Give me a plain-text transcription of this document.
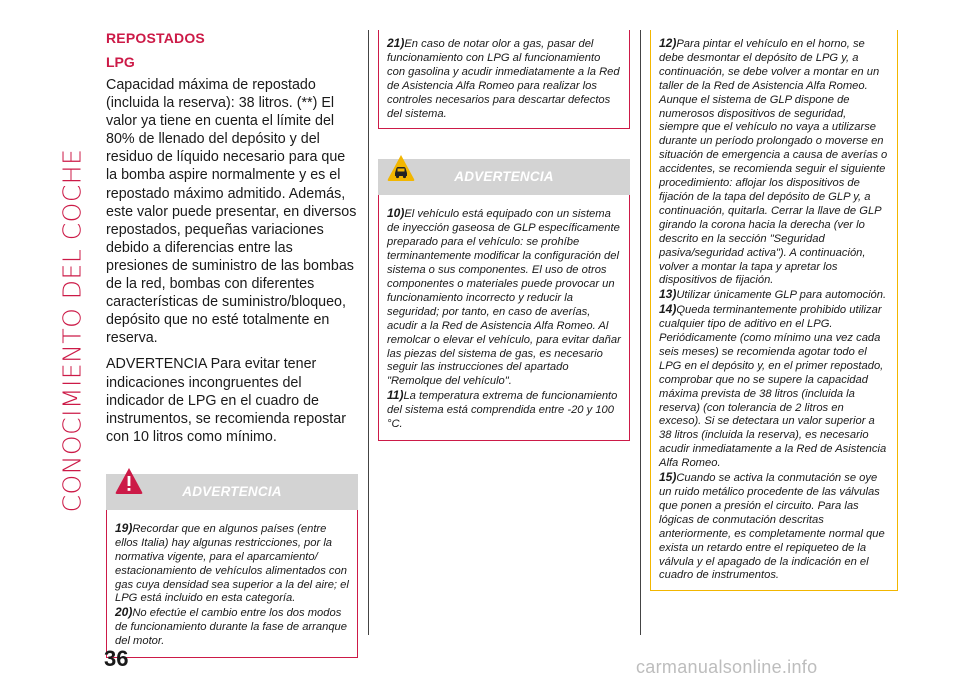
CONOCIMIENTO DEL COCHE
REPOSTADOS
LPG

Capacidad máxima de repostado (incluida la reserva): 38 litros. (**) El valor ya tiene en cuenta el límite del 80% de llenado del depósito y del residuo de líquido necesario para que la bomba aspire normalmente y es el repostado máximo admitido. Además, este valor puede presentar, en diversos repostados, pequeñas variaciones debido a diferencias entre las presiones de suministro de las bombas de la red, bombas con diferentes características de suministro/bloqueo, depósito que no esté totalmente en reserva.

ADVERTENCIA Para evitar tener indicaciones incongruentes del indicador de LPG en el cuadro de instrumentos, se recomienda repostar con 10 litros como mínimo.

ADVERTENCIA

19)Recordar que en algunos países (entre ellos Italia) hay algunas restricciones, por la normativa vigente, para el aparcamiento/ estacionamiento de vehículos alimentados con gas cuya densidad sea superior a la del aire; el LPG está incluido en esta categoría.

20)No efectúe el cambio entre los dos modos de funcionamiento durante la fase de arranque del motor.

21)En caso de notar olor a gas, pasar del funcionamiento con LPG al funcionamiento con gasolina y acudir inmediatamente a la Red de Asistencia Alfa Romeo para realizar los controles necesarios para descartar defectos del sistema.

ADVERTENCIA

10)El vehículo está equipado con un sistema de inyección gaseosa de GLP específicamente preparado para el vehículo: se prohíbe terminantemente modificar la configuración del sistema o sus componentes. El uso de otros componentes o materiales puede provocar un funcionamiento incorrecto y reducir la seguridad; por tanto, en caso de averías, acudir a la Red de Asistencia Alfa Romeo. Al remolcar o elevar el vehículo, para evitar dañar las piezas del sistema de gas, es necesario seguir las instrucciones del apartado "Remolque del vehículo".

11)La temperatura extrema de funcionamiento del sistema está comprendida entre -20 y 100 °C.

12)Para pintar el vehículo en el horno, se debe desmontar el depósito de LPG y, a continuación, se debe volver a montar en un taller de la Red de Asistencia Alfa Romeo. Aunque el sistema de GLP dispone de numerosos dispositivos de seguridad, siempre que el vehículo no vaya a utilizarse durante un período prolongado o moverse en situación de emergencia a causa de averías o accidentes, se recomienda seguir el siguiente procedimiento: aflojar los dispositivos de fijación de la tapa del depósito de GLP y, a continuación, quitarla. Cerrar la llave de GLP girando la corona hacia la derecha (ver lo descrito en la sección "Seguridad pasiva/seguridad activa"). A continuación, volver a montar la tapa y apretar los dispositivos de fijación.

13)Utilizar únicamente GLP para automoción.

14)Queda terminantemente prohibido utilizar cualquier tipo de aditivo en el LPG. Periódicamente (como mínimo una vez cada seis meses) se recomienda agotar todo el LPG en el depósito y, en el primer repostado, comprobar que no se supere la capacidad máxima prevista de 38 litros (incluida la reserva) (con tolerancia de 2 litros en exceso). Si se detectara un valor superior a 38 litros (incluida la reserva), es necesario acudir inmediatamente a la Red de Asistencia Alfa Romeo.

15)Cuando se activa la conmutación se oye un ruido metálico procedente de las válvulas que ponen a presión el circuito. Para las lógicas de conmutación descritas anteriormente, es completamente normal que exista un retardo entre el repiqueteo de la válvula y el apagado de la indicación en el cuadro de instrumentos.

36	carmanualsonline.info
